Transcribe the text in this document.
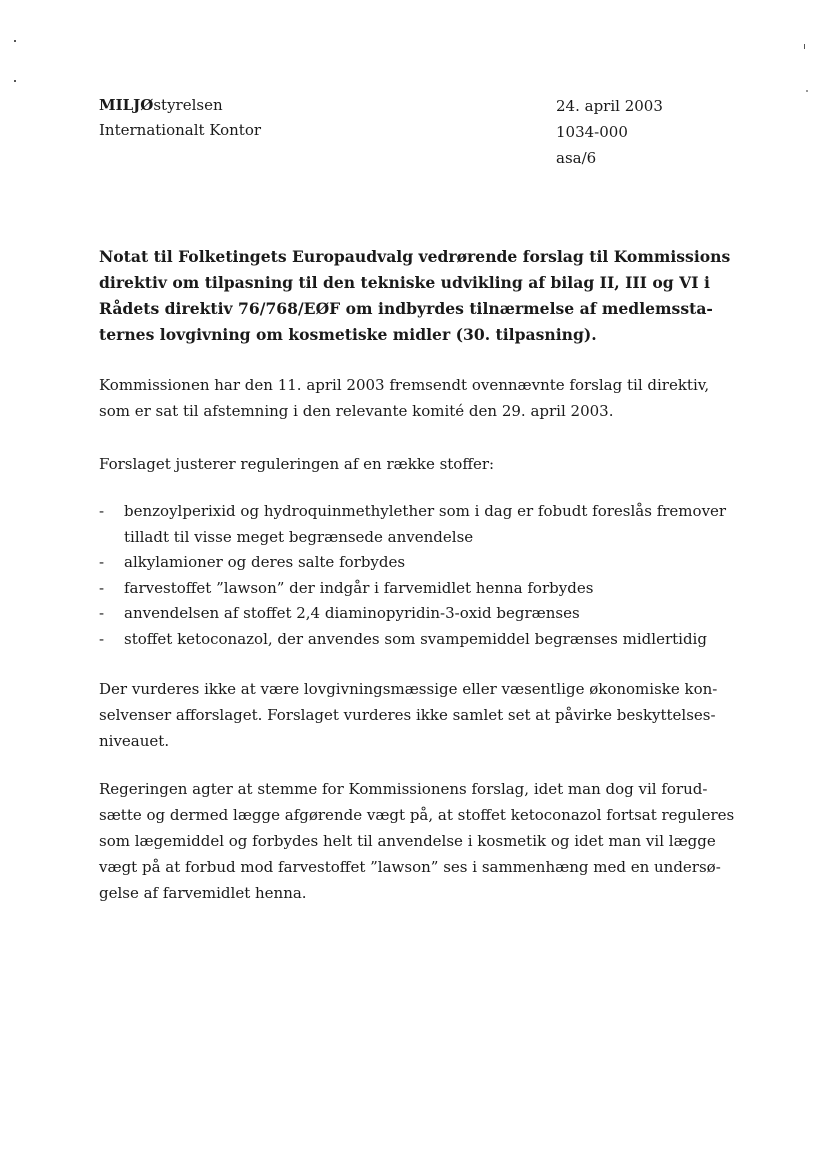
MILJØstyrelsen
Internationalt Kontor
24. april 2003
1034-000
asa/6
Notat til Folketingets Europaudvalg vedrørende forslag til Kommissions
direktiv om tilpasning til den tekniske udvikling af bilag II, III og VI i
Rådets direktiv 76/768/EØF om indbyrdes tilnærmelse af medlemssta-
ternes lovgivning om kosmetiske midler (30. tilpasning).
Kommissionen har den 11. april 2003 fremsendt ovennævnte forslag til direktiv,
som er sat til afstemning i den relevante komité den 29. april 2003.
Forslaget justerer reguleringen af en række stoffer:
-	benzoylperixid og hydroquinmethylether som i dag er fobudt foreslås fremover
tilladt til visse meget begrænsede anvendelse
-	alkylamioner og deres salte forbydes
-	farvestoffet ”lawson” der indgår i farvemidlet henna forbydes
-	anvendelsen af stoffet 2,4 diaminopyridin-3-oxid begrænses
-	stoffet ketoconazol, der anvendes som svampemiddel begrænses midlertidig
Der vurderes ikke at være lovgivningsmæssige eller væsentlige økonomiske kon-
selvenser afforslaget. Forslaget vurderes ikke samlet set at påvirke beskyttelses-
niveauet.
Regeringen agter at stemme for Kommissionens forslag, idet man dog vil forud-
sætte og dermed lægge afgørende vægt på, at stoffet ketoconazol fortsat reguleres
som lægemiddel og forbydes helt til anvendelse i kosmetik og idet man vil lægge
vægt på at forbud mod farvestoffet ”lawson” ses i sammenhæng med en undersø-
gelse af farvemidlet henna.
